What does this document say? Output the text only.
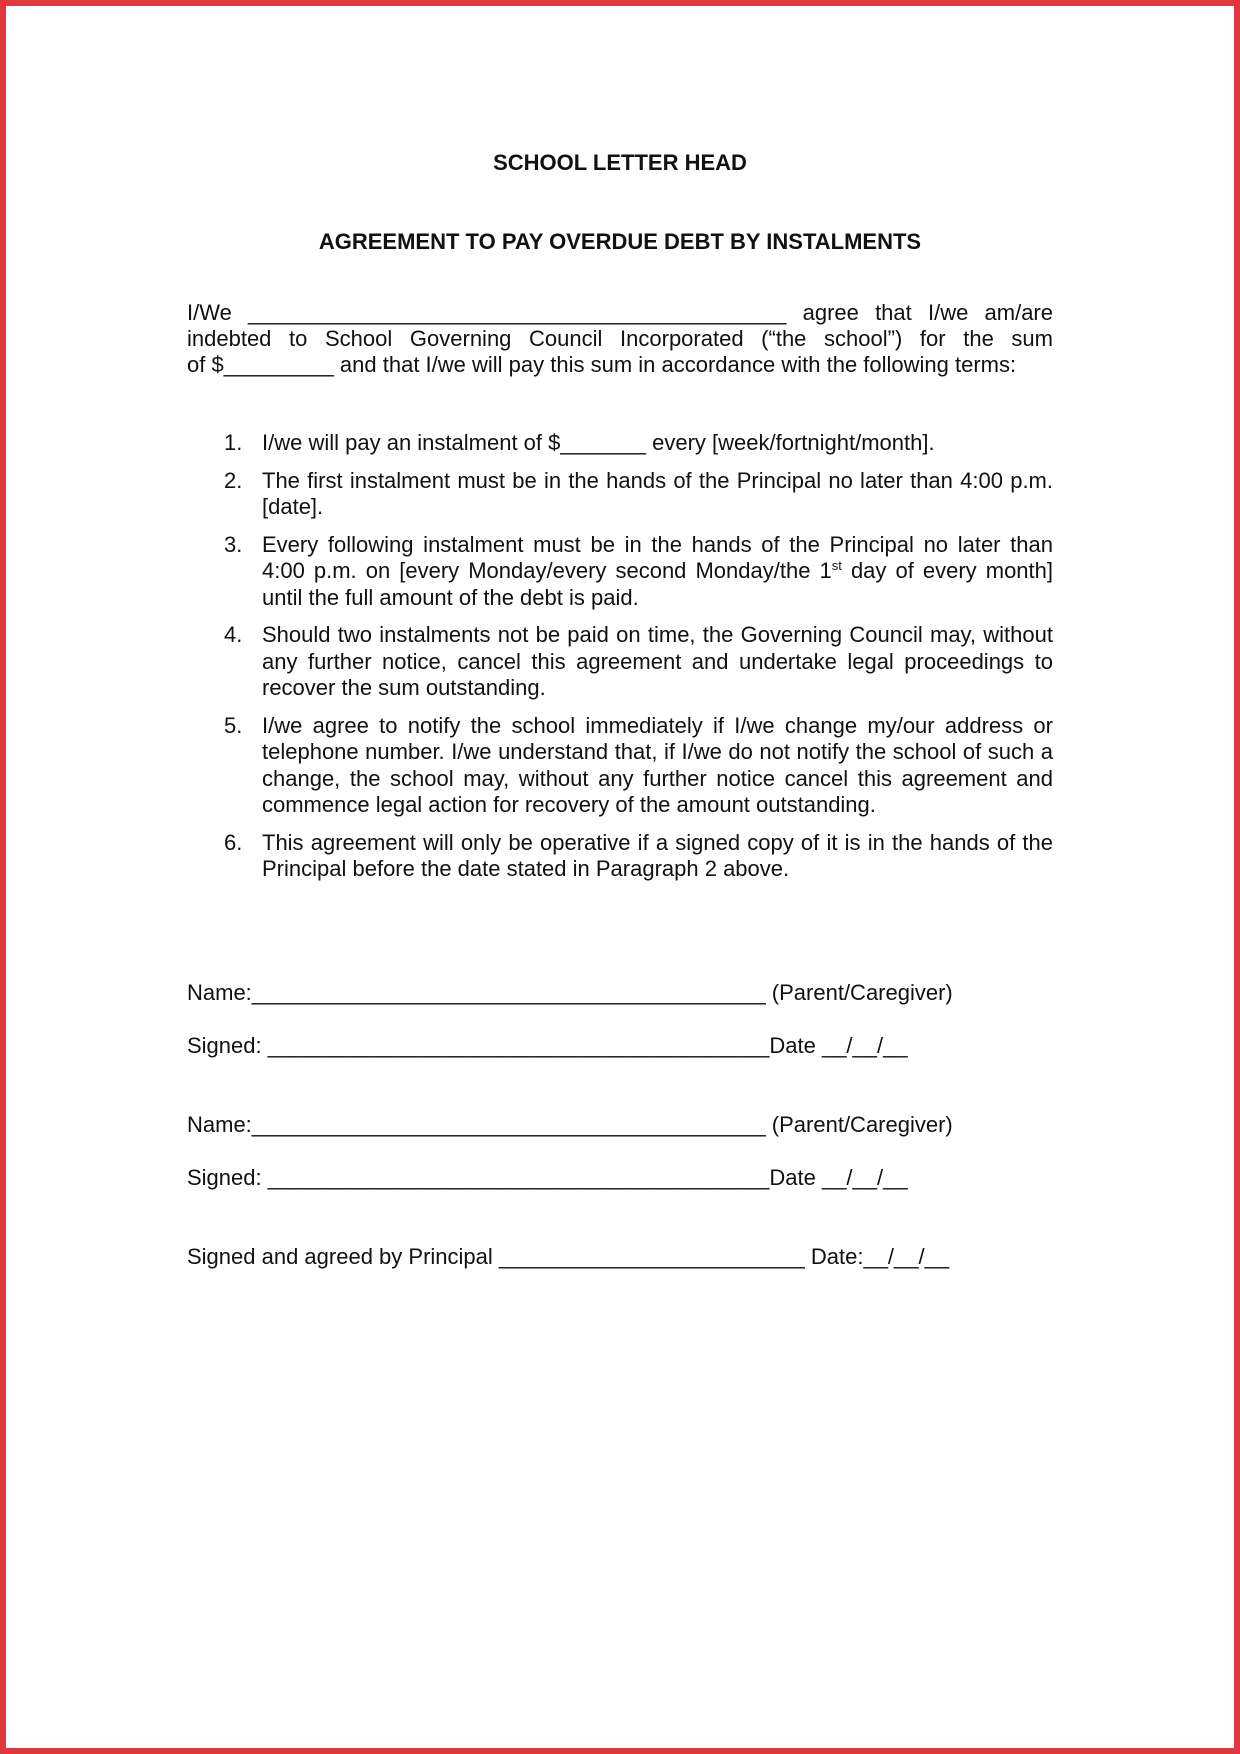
SCHOOL LETTER HEAD
AGREEMENT TO PAY OVERDUE DEBT BY INSTALMENTS

I/We ____________________________________________ agree that I/we am/are
indebted to School Governing Council Incorporated (“the school”) for the sum
of $_________ and that I/we will pay this sum in accordance with the following terms:

1. I/we will pay an instalment of $_______ every [week/fortnight/month].
2. The first instalment must be in the hands of the Principal no later than 4:00 p.m. [date].
3. Every following instalment must be in the hands of the Principal no later than 4:00 p.m. on [every Monday/every second Monday/the 1st day of every month] until the full amount of the debt is paid.
4. Should two instalments not be paid on time, the Governing Council may, without any further notice, cancel this agreement and undertake legal proceedings to recover the sum outstanding.
5. I/we agree to notify the school immediately if I/we change my/our address or telephone number. I/we understand that, if I/we do not notify the school of such a change, the school may, without any further notice cancel this agreement and commence legal action for recovery of the amount outstanding.
6. This agreement will only be operative if a signed copy of it is in the hands of the Principal before the date stated in Paragraph 2 above.

Name:__________________________________________ (Parent/Caregiver)

Signed: _________________________________________Date __/__/__

Name:__________________________________________ (Parent/Caregiver)

Signed: _________________________________________Date __/__/__

Signed and agreed by Principal _________________________ Date:__/__/__
